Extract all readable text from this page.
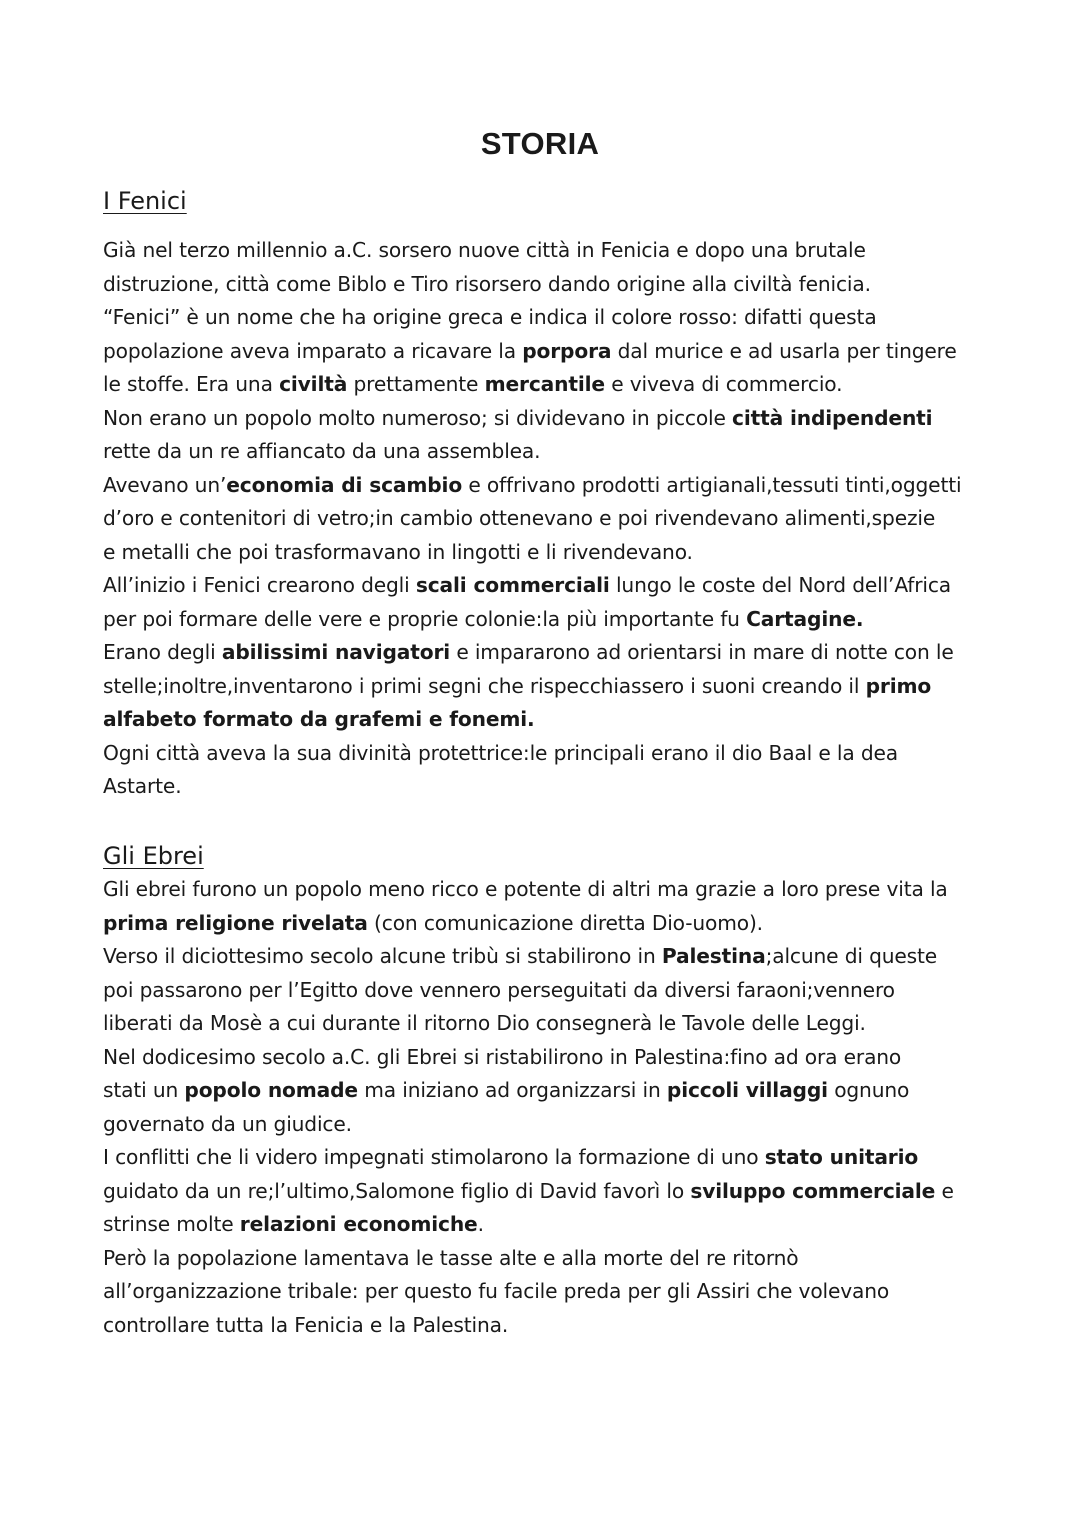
STORIA
I Fenici
Già nel terzo millennio a.C. sorsero nuove città in Fenicia e dopo una brutale
distruzione, città come Biblo e Tiro risorsero dando origine alla civiltà fenicia.
“Fenici” è un nome che ha origine greca e indica il colore rosso: difatti questa
popolazione aveva imparato a ricavare la porpora dal murice e ad usarla per tingere
le stoffe. Era una civiltà prettamente mercantile e viveva di commercio.
Non erano un popolo molto numeroso; si dividevano in piccole città indipendenti
rette da un re affiancato da una assemblea.
Avevano un’economia di scambio e offrivano prodotti artigianali,tessuti tinti,oggetti
d’oro e contenitori di vetro;in cambio ottenevano e poi rivendevano alimenti,spezie
e metalli che poi trasformavano in lingotti e li rivendevano.
All’inizio i Fenici crearono degli scali commerciali lungo le coste del Nord dell’Africa
per poi formare delle vere e proprie colonie:la più importante fu Cartagine.
Erano degli abilissimi navigatori e impararono ad orientarsi in mare di notte con le
stelle;inoltre,inventarono i primi segni che rispecchiassero i suoni creando il primo
alfabeto formato da grafemi e fonemi.
Ogni città aveva la sua divinità protettrice:le principali erano il dio Baal e la dea
Astarte.
Gli Ebrei
Gli ebrei furono un popolo meno ricco e potente di altri ma grazie a loro prese vita la
prima religione rivelata (con comunicazione diretta Dio-uomo).
Verso il diciottesimo secolo alcune tribù si stabilirono in Palestina;alcune di queste
poi passarono per l’Egitto dove vennero perseguitati da diversi faraoni;vennero
liberati da Mosè a cui durante il ritorno Dio consegnerà le Tavole delle Leggi.
Nel dodicesimo secolo a.C. gli Ebrei si ristabilirono in Palestina:fino ad ora erano
stati un popolo nomade ma iniziano ad organizzarsi in piccoli villaggi ognuno
governato da un giudice.
I conflitti che li videro impegnati stimolarono la formazione di uno stato unitario
guidato da un re;l’ultimo,Salomone figlio di David favorì lo sviluppo commerciale e
strinse molte relazioni economiche.
Però la popolazione lamentava le tasse alte e alla morte del re ritornò
all’organizzazione tribale: per questo fu facile preda per gli Assiri che volevano
controllare tutta la Fenicia e la Palestina.
